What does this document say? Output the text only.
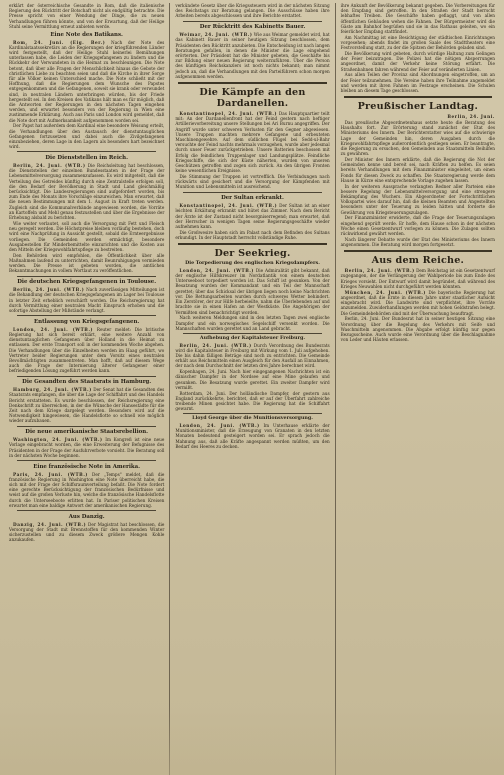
erklärt der österreichische Gesandte in Rom, daß die italienische Regierung den Rücktritt der Botschaft nicht als endgültig betrachte. Die Presse spricht von einer Wendung der Dinge, die zu neuen Verhandlungen führen könnte, und von der Erwartung, daß der Heilige Stuhl seine Vermittlung erneut anbieten werde.

Eine Note des Batikans.

Rom, 24. Juni. (Eig. Ber.) Nach der Note des Kardinalstaatssekretärs an die Regierungen der kriegführenden Länder wird festgestellt, daß der Heilige Stuhl keinerlei Bemühungen unterlassen habe, die Leiden der Kriegsgefangenen zu lindern und die Rückkehr der Verwundeten in die Heimat zu beschleunigen. Die Note betont, daß über alle Fragen der Menschlichkeit hinaus die Gebote der christlichen Liebe zu beachten seien und daß die Kirche in ihrer Sorge für alle Völker keinen Unterschied mache. Die Note schließt mit der Hoffnung, daß die Regierungen dem Wunsche des Papstes entgegenkommen und die Gefangenen, soweit sie krank oder verwundet sind, in neutralen Ländern unterbringen würden, bis der Friede hergestellt sei. In den Kreisen des Vatikans hält man es für möglich, daß die Antworten der Regierungen in den nächsten Tagen eingehen werden, und erwartet besonders von der Regierung in Wien eine zustimmende Erklärung. Auch aus Paris und London wird gemeldet, daß die Note dort mit Aufmerksamkeit aufgenommen worden sei.

Der Papst hat außerdem dem Kardinal eine besondere Weisung erteilt, die Verhandlungen über den Austausch der dienstuntauglichen Gefangenen fortzusetzen und dabei auch die Zivilgefangenen einzubeziehen, deren Lage in den Lagern als besonders hart bezeichnet wird.

Die Dienststellen im Reich.

Berlin, 24. Juni. (WTB.) Die Reichsleitung hat beschlossen, die Dienststellen der einzelnen Bundesstaaten in der Frage der Lebensmittelversorgung zusammenzufassen. Es wird mitgeteilt, daß die Verteilung des Getreides künftig durch eine Zentralstelle erfolgen soll, die den Bedarf der Bevölkerung in Stadt und Land gleichmäßig berücksichtigt. Die Landesregierungen sind aufgefordert worden, bis zum Ende des Monats ihre Vorschläge einzureichen. Man erwartet, daß die neuen Bestimmungen mit dem 1. August in Kraft treten werden. Zugleich sind die Kommunalverbände angewiesen worden, die Vorräte an Kartoffeln und Mehl genau festzustellen und über die Ergebnisse der Erhebung alsbald zu berichten.

Wie weiter verlautet, soll auch die Versorgung mit Fett und Fleisch neu geregelt werden. Die Höchstpreise bleiben vorläufig bestehen, doch wird eine Nachprüfung in Aussicht gestellt, sobald die Ernteergebnisse vorliegen. Die Gemeinden werden ermächtigt, besondere Ausgabestellen für Minderbemittelte einzurichten und die Kosten aus den Mitteln der Kriegswohlfahrtspflege zu bestreiten.

Den Behörden wird empfohlen, die Öffentlichkeit über alle Maßnahmen laufend zu unterrichten, damit Beunruhigungen vermieden werden. Die Presse ist gebeten worden, die amtlichen Bekanntmachungen in vollem Wortlaut zu veröffentlichen.

Die deutschen Kriegsgefangenen in Toulouse.

Berlin, 24. Juni. (WTB.) Nach zuverlässigen Mitteilungen ist die Behandlung der deutschen Kriegsgefangenen im Lager bei Toulouse in letzter Zeit erheblich verschärft worden. Die Reichsregierung hat durch Vermittlung einer neutralen Macht Einspruch erhoben und die sofortige Abstellung der Mißstände verlangt.

Entlassung von Kriegsgefangenen.

London, 24. Juni. (WTB.) Reuter meldet: Die britische Regierung hat sich bereit erklärt, eine weitere Anzahl von dienstuntauglichen Gefangenen über Holland in die Heimat zu entlassen. Der erste Transport soll in der kommenden Woche abgehen. Die Verhandlungen über die Einzelheiten werden im Haag geführt, wo Vertreter beider Regierungen unter dem Vorsitz eines neutralen Bevollmächtigten zusammentreten. Man hofft, daß auf diesem Wege auch die Frage der Internierung älterer Gefangener einer befriedigenden Lösung zugeführt werden kann.

Die Gesandten des Staatsrats in Hamburg.

Hamburg, 24. Juni. (WTB.) Der Senat hat die Gesandten des Staatsrats empfangen, die über die Lage der Schiffahrt und des Handels Bericht erstatteten. Es wurde beschlossen, der Reichsregierung eine Denkschrift zu überreichen, in der die Wünsche der Hansestädte für die Zeit nach dem Kriege dargelegt werden. Besonders wird auf die Notwendigkeit hingewiesen, die Handelsflotte so schnell wie möglich wieder aufzubauen.

Die neue amerikanische Staatsrebellion.

Washington, 24. Juni. (WTB.) Im Kongreß ist eine neue Vorlage eingebracht worden, die eine Erweiterung der Befugnisse des Präsidenten in der Frage der Ausfuhrverbote vorsieht. Die Beratung soll in der nächsten Woche beginnen.

Eine französische Note in Amerika.

Paris, 24. Juni. (WTB.) Der „Temps" meldet, daß die französische Regierung in Washington eine Note überreicht habe, die sich mit der Frage der Schiffsraumverteilung befaßt. Die Note fordert eine gerechte Berücksichtigung der französischen Bedürfnisse und weist auf die großen Verluste hin, welche die französische Handelsflotte durch die Unterseeboote erlitten hat. In Pariser politischen Kreisen erwartet man eine baldige Antwort der amerikanischen Regierung.

Aus Danzig.

Danzig, 24. Juni. (WTB.) Der Magistrat hat beschlossen, die Versorgung der Stadt mit Brennstoffen für den kommenden Winter sicherzustellen und zu diesem Zweck größere Mengen Kohle anzukaufen.

verkündete Gesetz über die Kriegssteuern wird in der nächsten Sitzung des Reichstags zur Beratung gelangen. Die Ausschüsse haben ihre Arbeiten bereits abgeschlossen und ihre Berichte erstattet.

Der Rücktritt des Kabinetts Bauer.

Weimar, 24. Juni. (WTB.) Wie aus Weimar gemeldet wird, hat das Kabinett Bauer in seiner heutigen Sitzung beschlossen, dem Präsidenten den Rücktritt anzubieten. Die Entscheidung ist nach langen Beratungen gefallen, in denen die Minister die Lage eingehend erörterten. Der Präsident hat die Minister gebeten, die Geschäfte bis zur Bildung einer neuen Regierung weiterzuführen. Über die Person des künftigen Reichskanzlers ist noch nichts bekannt; man nimmt jedoch an, daß die Verhandlungen mit den Parteiführern schon morgen aufgenommen werden.

Die Kämpfe an den Dardanellen.

Konstantinopel, 24. Juni. (WTB.) Das Hauptquartier teilt mit: An der Dardanellenfront hat der Feind gestern nach heftiger Artillerievorbereitung unsere Stellungen bei Ari Burnu angegriffen. Der Angriff wurde unter schweren Verlusten für den Gegner abgewiesen. Unsere Truppen machten mehrere Gefangene und erbeuteten Maschinengewehre. Auf dem südlichen Flügel bei Sedd-ul-Bahr versuchte der Feind nachts mehrmals vorzugehen, wurde aber jedesmal durch unser Feuer zurückgetrieben. Unsere Batterien beschossen mit Erfolg die feindlichen Truppenlager und Landungsplätze. Feindliche Kriegsschiffe, die sich der Küste näherten, wurden von unseren Geschützen getroffen und zogen sich zurück. An den übrigen Fronten keine wesentlichen Ereignisse.

Die Stimmung der Truppen ist vortrefflich. Die Verbindungen nach rückwärts sind gesichert und die Versorgung der Kämpfenden mit Munition und Lebensmitteln ist ausreichend.

Der Sultan erkrankt.

Konstantinopel, 24. Juni. (WTB.) Der Sultan ist an einer leichten Erkältung erkrankt und hütet das Zimmer. Nach dem Bericht der Ärzte ist der Zustand nicht besorgniserregend; man erwartet, daß der Herrscher in wenigen Tagen seine Regierungsgeschäfte wieder aufnehmen kann.

Die Großwesire haben sich im Palast nach dem Befinden des Sultans erkundigt. In der Hauptstadt herrscht vollständige Ruhe.

Der Seekrieg.
Die Torpedierung des englischen Kriegsdampfers.

London, 24. Juni. (WTB.) Die Admiralität gibt bekannt, daß der englische Hilfskreuzer im Nordatlantik von einem deutschen Unterseeboot torpediert worden ist. Das Schiff ist gesunken. Von der Besatzung wurden der Kommandant und ein Teil der Mannschaft gerettet; über das Schicksal der übrigen liegen noch keine Nachrichten vor. Die Rettungsarbeiten wurden durch schweres Wetter behindert. Ein Zerstörer, der zur Hilfe herbeieilte, nahm die Überlebenden auf und brachte sie in einen Hafen an der Westküste. Die Angehörigen der Vermißten sind benachrichtigt worden.

Nach weiteren Meldungen sind in den letzten Tagen zwei englische Dampfer und ein norwegisches Segelschiff versenkt worden. Die Mannschaften wurden gerettet und an Land gebracht.

Aufhebung der Kapitalsteuer Freiburg.

Berlin, 24. Juni. (WTB.) Durch Verordnung des Bundesrats wird die Kapitalsteuer in Freiburg mit Wirkung vom 1. Juli aufgehoben. Die bis dahin fälligen Beträge sind noch zu entrichten. Die Gemeinde erhält aus Reichsmitteln einen Ausgleich für den Ausfall an Einnahmen, der nach dem Durchschnitt der letzten drei Jahre berechnet wird.

Kopenhagen, 24. Juni. Nach hier eingegangenen Nachrichten ist ein dänischer Dampfer in der Nordsee auf eine Mine gelaufen und gesunken. Die Besatzung wurde gerettet. Ein zweiter Dampfer wird vermißt.

Rotterdam, 24. Juni. Der holländische Dampfer, der gestern aus England zurückkehrte, berichtet, daß er auf der Überfahrt zahlreiche treibende Minen gesichtet habe. Die Regierung hat die Schiffahrt gewarnt.

Lloyd George über die Munitionsversorgung.

London, 24. Juni. (WTB.) Im Unterhause erklärte der Munitionsminister, daß die Erzeugung von Granaten in den letzten Monaten bedeutend gesteigert worden sei. Er sprach jedoch die Mahnung aus, daß alle Kräfte angespannt werden müßten, um den Bedarf des Heeres zu decken.

ihre Ankunft der Bevölkerung bekannt gegeben. Die Vorbereitungen für den Empfang sind getroffen. In den Straßen der Stadt herrscht lebhaftes Treiben. Die Geschäfte haben geflaggt, und von allen öffentlichen Gebäuden wehen die Fahnen. Der Bürgermeister wird die Gäste am Bahnhof begrüßen und sie in das Rathaus geleiten, wo ein feierlicher Empfang stattfindet.

Am Nachmittag ist eine Besichtigung der städtischen Einrichtungen vorgesehen; abends findet im großen Saale des Stadttheaters eine Festvorstellung statt, zu der die Spitzen der Behörden geladen sind.

Die Bevölkerung wird gebeten, durch würdige Haltung zum Gelingen der Feier beizutragen. Die Polizei hat die nötigen Absperrungen angeordnet, damit der Verkehr keine Störung erfährt. Die Straßenbahnen fahren während der Feier auf veränderten Linien.

Aus allen Teilen der Provinz sind Abordnungen eingetroffen, um an der Feier teilzunehmen. Die Vereine haben ihre Teilnahme angemeldet und werden mit ihren Fahnen im Festzuge erscheinen. Die Schulen bleiben an diesem Tage geschlossen.

Preußischer Landtag.

Berlin, 24. Juni.

Das preußische Abgeordnetenhaus setzte heute die Beratung des Haushalts fort. Zur Erörterung stand zunächst der Etat des Ministeriums des Innern. Der Berichterstatter wies auf die schwierige Lage der Gemeinden hin, deren Ausgaben durch die Kriegswohlfahrtspflege außerordentlich gestiegen seien. Er beantragte, die Regierung zu ersuchen, den Gemeinden aus Staatsmitteln Beihilfen zu gewähren.

Der Minister des Innern erklärte, daß die Regierung die Not der Gemeinden kenne und bereit sei, nach Kräften zu helfen. Es seien bereits Verhandlungen mit dem Finanzminister eingeleitet, um einen Fonds für diesen Zweck zu schaffen. Die Staatsregierung werde dem Hause in Kürze eine entsprechende Vorlage zugehen lassen.

In der weiteren Aussprache verlangten Redner aller Parteien eine bessere Regelung der Lebensmittelversorgung und eine strengere Bekämpfung des Wuchers. Ein Abgeordneter der Fortschrittlichen Volkspartei wies darauf hin, daß die kleinen Beamten und Angestellten besonders unter der Teuerung zu leiden hätten und forderte die Gewährung von Kriegsteuerungszulagen.

Der Finanzminister erwiderte, daß die Frage der Teuerungszulagen eingehend geprüft werde. Er hoffe, dem Hause schon in der nächsten Woche einen Gesetzentwurf vorlegen zu können. Die Zulagen sollten rückwirkend gewährt werden.

Nach längerer Debatte wurde der Etat des Ministeriums des Innern angenommen. Die Beratung wird morgen fortgesetzt.

Aus dem Reiche.

Berlin, 24. Juni. (WTB.) Dem Reichstag ist ein Gesetzentwurf zugegangen, der die Verlängerung der Wahlperiode bis zum Ende des Krieges vorsieht. Der Entwurf wird damit begründet, daß während des Krieges Neuwahlen nicht durchgeführt werden könnten.

München, 24. Juni. (WTB.) Die bayerische Regierung hat angeordnet, daß die Ernte in diesem Jahre unter staatlicher Aufsicht eingebracht wird. Die Landwirte sind verpflichtet, ihre Vorräte anzumelden. Zuwiderhandlungen werden mit hohen Geldstrafen belegt. Die Gemeindebehörden sind mit der Überwachung beauftragt.

Berlin, 24. Juni. Der Bundesrat hat in seiner heutigen Sitzung eine Verordnung über die Regelung des Verkehrs mit Seife und Waschmitteln angenommen. Die Abgabe erfolgt künftig nur gegen Bezugsscheine. Auch wurde eine Verordnung über die Beschlagnahme von Leder und Häuten erlassen.
